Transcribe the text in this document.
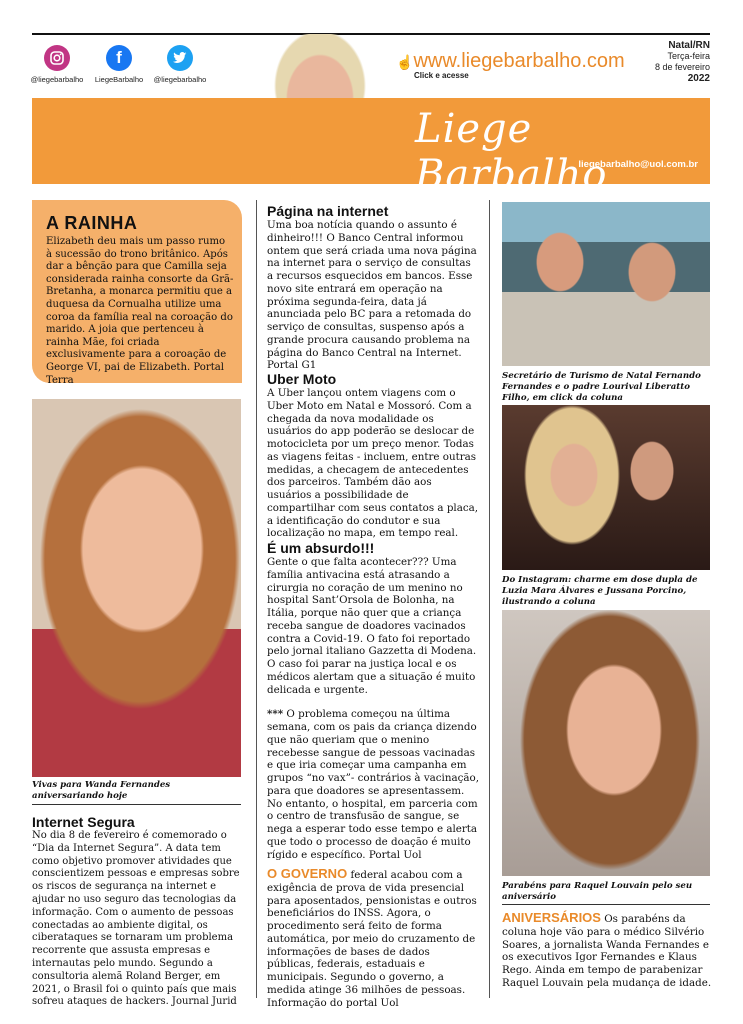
@liegebarbalho
f
LiegeBarbalho	@liegebarbalho
☝www.liegebarbalho.com
Click e acesse
Natal/RN
Terça-feira
8 de fevereiro
2022
Liege Barbalho
liegebarbalho@uol.com.br
A RAINHA

Elizabeth deu mais um passo rumo à sucessão do trono britânico. Após dar a bênção para que Camilla seja considerada rainha consorte da Grã-Bretanha, a monarca permitiu que a duquesa da Cornualha utilize uma coroa da família real na coroação do marido. A joia que pertenceu à rainha Mãe, foi criada exclusivamente para a coroação de George VI, pai de Elizabeth. Portal Terra

Vivas para Wanda Fernandes aniversariando hoje
Internet Segura
No dia 8 de fevereiro é comemorado o “Dia da Internet Segura”. A data tem como objetivo promover atividades que conscientizem pessoas e empresas sobre os riscos de segurança na internet e ajudar no uso seguro das tecnologias da informação. Com o aumento de pessoas conectadas ao ambiente digital, os ciberataques se tornaram um problema recorrente que assusta empresas e internautas pelo mundo. Segundo a consultoria alemã Roland Berger, em 2021, o Brasil foi o quinto país que mais sofreu ataques de hackers. Journal Jurid
Página na internet
Uma boa notícia quando o assunto é dinheiro!!! O Banco Central informou ontem que será criada uma nova página na internet para o serviço de consultas a recursos esquecidos em bancos. Esse novo site entrará em operação na próxima segunda-feira, data já anunciada pelo BC para a retomada do serviço de consultas, suspenso após a grande procura causando problema na página do Banco Central na Internet. Portal G1
Uber Moto
A Uber lançou ontem viagens com o Uber Moto em Natal e Mossoró. Com a chegada da nova modalidade os usuários do app poderão se deslocar de motocicleta por um preço menor. Todas as viagens feitas - incluem, entre outras medidas, a checagem de antecedentes dos parceiros. Também dão aos usuários a possibilidade de compartilhar com seus contatos a placa, a identificação do condutor e sua localização no mapa, em tempo real.
É um absurdo!!!

Gente o que falta acontecer??? Uma família antivacina está atrasando a cirurgia no coração de um menino no hospital Sant’Orsola de Bolonha, na Itália, porque não quer que a criança receba sangue de doadores vacinados contra a Covid-19. O fato foi reportado pelo jornal italiano Gazzetta di Modena. O caso foi parar na justiça local e os médicos alertam que a situação é muito delicada e urgente.

*** O problema começou na última semana, com os pais da criança dizendo que não queriam que o menino recebesse sangue de pessoas vacinadas e que iria começar uma campanha em grupos “no vax”- contrários à vacinação, para que doadores se apresentassem. No entanto, o hospital, em parceria com o centro de transfusão de sangue, se nega a esperar todo esse tempo e alerta que todo o processo de doação é muito rígido e específico. Portal Uol

O GOVERNO federal acabou com a exigência de prova de vida presencial para aposentados, pensionistas e outros beneficiários do INSS. Agora, o procedimento será feito de forma automática, por meio do cruzamento de informações de bases de dados públicas, federais, estaduais e municipais. Segundo o governo, a medida atinge 36 milhões de pessoas. Informação do portal Uol
Secretário de Turismo de Natal Fernando Fernandes e o padre Lourival Liberatto Filho, em click da coluna
Do Instagram: charme em dose dupla de Luzia Mara Álvares e Jussana Porcino, ilustrando a coluna
Parabéns para Raquel Louvain pelo seu aniversário
ANIVERSÁRIOS Os parabéns da coluna hoje vão para o médico Silvério Soares, a jornalista Wanda Fernandes e os executivos Igor Fernandes e Klaus Rego. Ainda em tempo de parabenizar Raquel Louvain pela mudança de idade.
